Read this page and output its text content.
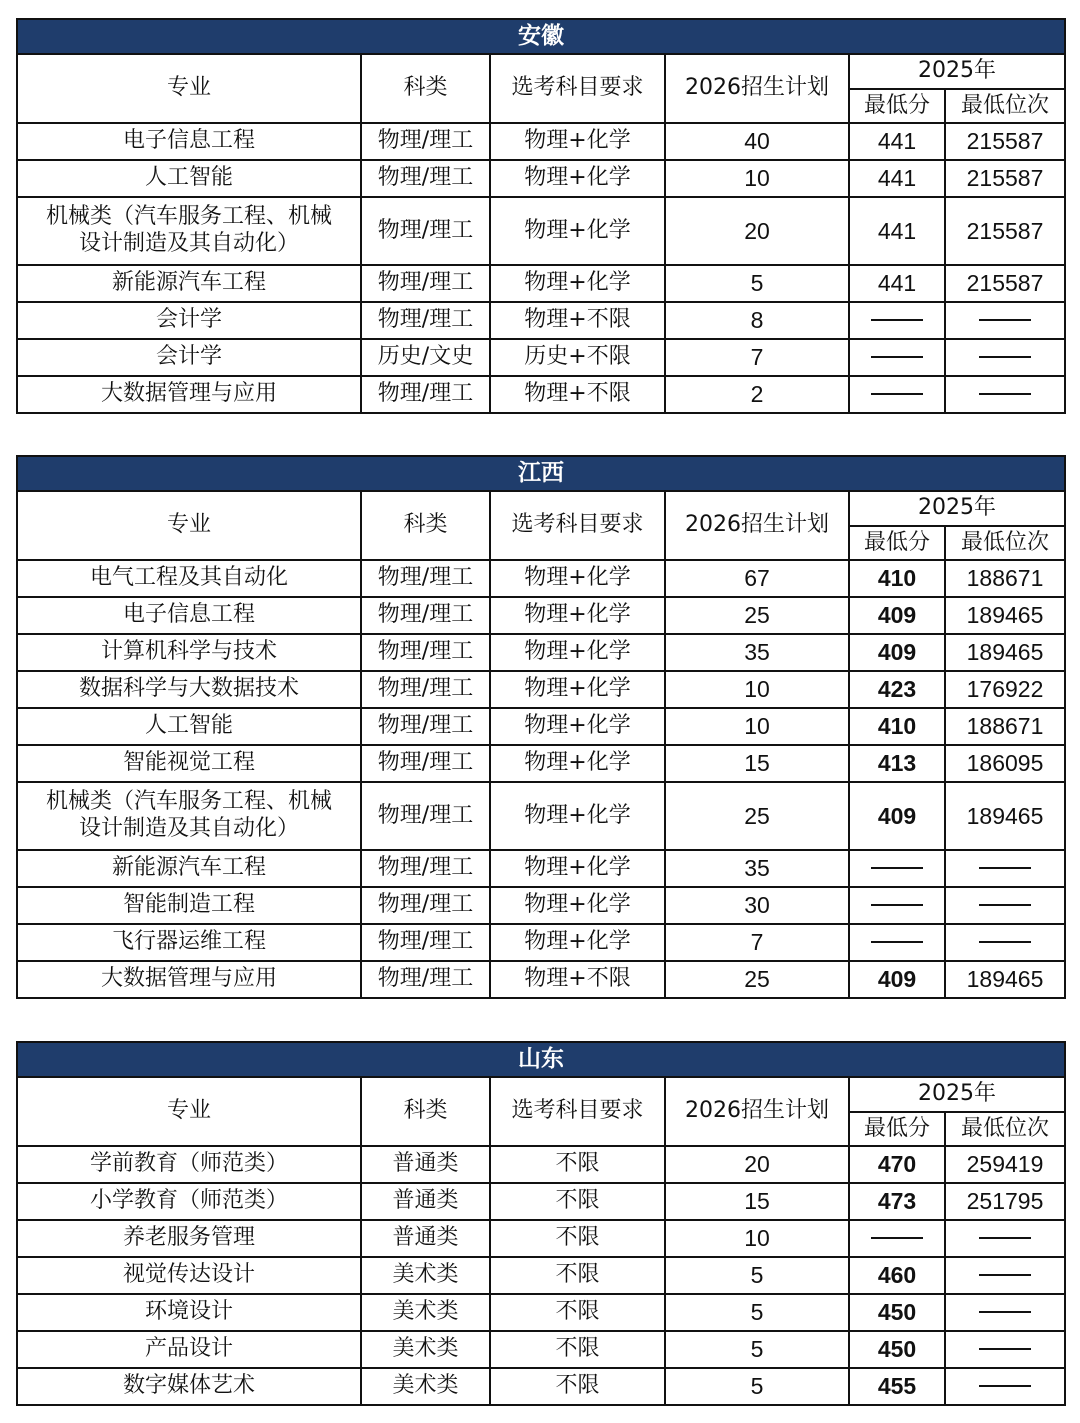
安徽					
专业	科类	选考科目要求	2026招生计划	2025年	
				最低分	最低位次
电子信息工程	物理/理工	物理+化学	40	441	215587
人工智能	物理/理工	物理+化学	10	441	215587
机械类（汽车服务工程、机械
设计制造及其自动化）	物理/理工	物理+化学	20	441	215587
新能源汽车工程	物理/理工	物理+化学	5	441	215587
会计学	物理/理工	物理+不限	8		
会计学	历史/文史	历史+不限	7		
大数据管理与应用	物理/理工	物理+不限	2		
江西					
专业	科类	选考科目要求	2026招生计划	2025年	
				最低分	最低位次
电气工程及其自动化	物理/理工	物理+化学	67	410	188671
电子信息工程	物理/理工	物理+化学	25	409	189465
计算机科学与技术	物理/理工	物理+化学	35	409	189465
数据科学与大数据技术	物理/理工	物理+化学	10	423	176922
人工智能	物理/理工	物理+化学	10	410	188671
智能视觉工程	物理/理工	物理+化学	15	413	186095
机械类（汽车服务工程、机械
设计制造及其自动化）	物理/理工	物理+化学	25	409	189465
新能源汽车工程	物理/理工	物理+化学	35		
智能制造工程	物理/理工	物理+化学	30		
飞行器运维工程	物理/理工	物理+化学	7		
大数据管理与应用	物理/理工	物理+不限	25	409	189465
山东					
专业	科类	选考科目要求	2026招生计划	2025年	
				最低分	最低位次
学前教育（师范类）	普通类	不限	20	470	259419
小学教育（师范类）	普通类	不限	15	473	251795
养老服务管理	普通类	不限	10		
视觉传达设计	美术类	不限	5	460	
环境设计	美术类	不限	5	450	
产品设计	美术类	不限	5	450	
数字媒体艺术	美术类	不限	5	455	
